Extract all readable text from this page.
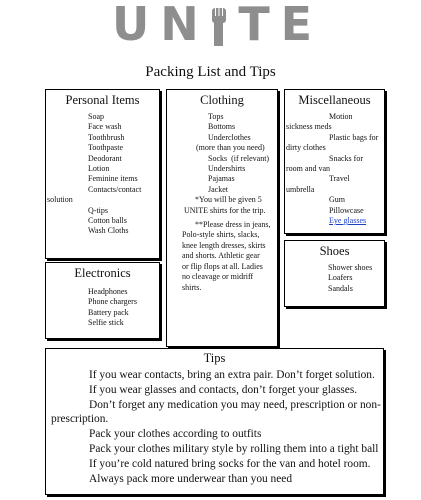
U N T E
Packing List and Tips
Personal Items
Soap
Face wash
Toothbrush
Toothpaste
Deodorant
Lotion
Feminine items
Contacts/contact
solution
Q-tips
Cotton balls
Wash Cloths
Clothing
Tops
Bottoms
Underclothes
(more than you need)
Socks  (if relevant)
Undershirts
Pajamas
Jacket
*You will be given 5
UNITE shirts for the trip.
**Please dress in jeans,
Polo-style shirts, slacks,
knee length dresses, skirts
and shorts. Athletic gear
or flip flops at all. Ladies
no cleavage or midriff
shirts.
Miscellaneous
Motion
sickness meds
Plastic bags for
dirty clothes
Snacks for
room and van
Travel
umbrella
Gum
Pillowcase
Eye glasses
Shoes
Shower shoes
Loafers
Sandals
Electronics
Headphones
Phone chargers
Battery pack
Selfie stick
Tips
If you wear contacts, bring an extra pair. Don’t forget solution.
If you wear glasses and contacts, don’t forget your glasses.
Don’t forget any medication you may need, prescription or non-
prescription.
Pack your clothes according to outfits
Pack your clothes military style by rolling them into a tight ball
If you’re cold natured bring socks for the van and hotel room.
Always pack more underwear than you need
